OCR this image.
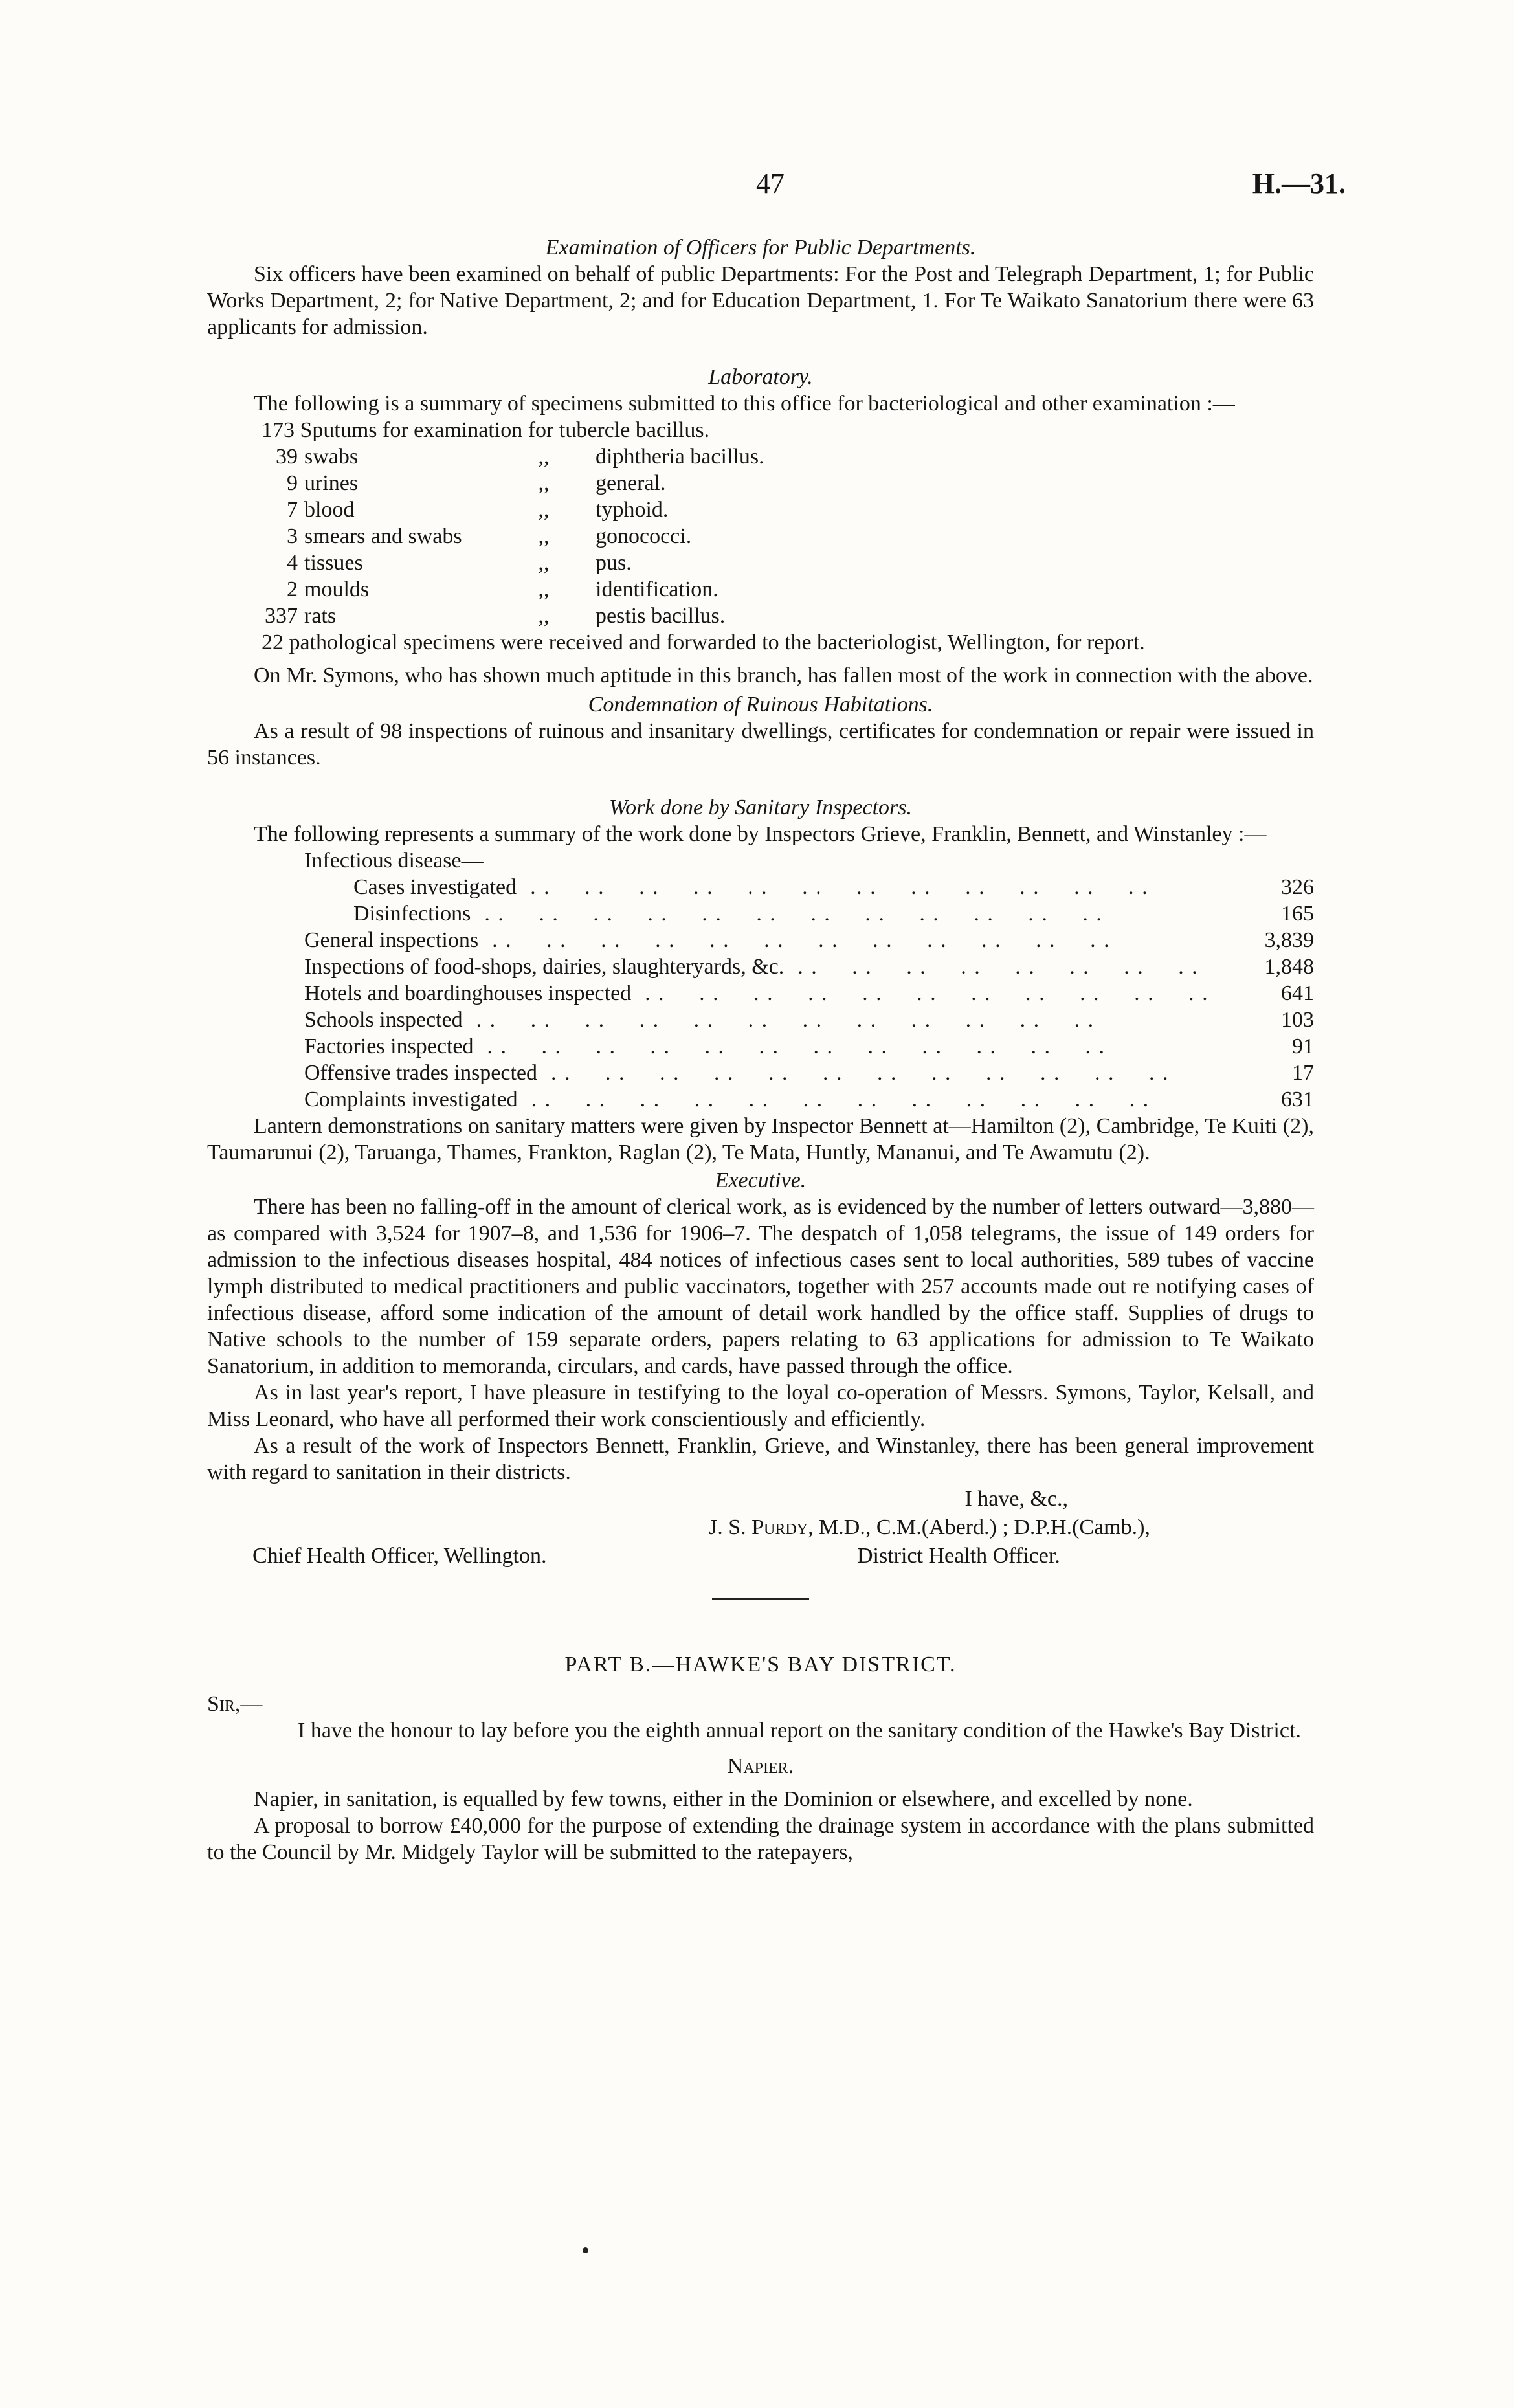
47	H.—31.
Examination of Officers for Public Departments.

Six officers have been examined on behalf of public Departments: For the Post and Telegraph Department, 1; for Public Works Department, 2; for Native Department, 2; and for Education Department, 1. For Te Waikato Sanatorium there were 63 applicants for admission.

Laboratory.

The following is a summary of specimens submitted to this office for bacteriological and other examination :—

173 Sputums for examination for tubercle bacillus.
39 swabs	,,	diphtheria bacillus.
9 urines	,,	general.
7 blood	,,	typhoid.
3 smears and swabs	,,	gonococci.
4 tissues	,,	pus.
2 moulds	,,	identification.
337 rats	,,	pestis bacillus.
22 pathological specimens were received and forwarded to the bacteriologist, Wellington, for report.

On Mr. Symons, who has shown much aptitude in this branch, has fallen most of the work in connection with the above.

Condemnation of Ruinous Habitations.

As a result of 98 inspections of ruinous and insanitary dwellings, certificates for condemnation or repair were issued in 56 instances.

Work done by Sanitary Inspectors.

The following represents a summary of the work done by Inspectors Grieve, Franklin, Bennett, and Winstanley :—

Infectious disease—
Cases investigated . .	326
Disinfections . .	165
General inspections . .	3,839
Inspections of food-shops, dairies, slaughteryards, &c. . .	1,848
Hotels and boardinghouses inspected . .	641
Schools inspected . .	103
Factories inspected . .	91
Offensive trades inspected . .	17
Complaints investigated . .	631

Lantern demonstrations on sanitary matters were given by Inspector Bennett at—Hamilton (2), Cambridge, Te Kuiti (2), Taumarunui (2), Taruanga, Thames, Frankton, Raglan (2), Te Mata, Huntly, Mananui, and Te Awamutu (2).

Executive.

There has been no falling-off in the amount of clerical work, as is evidenced by the number of letters outward—3,880—as compared with 3,524 for 1907–8, and 1,536 for 1906–7. The despatch of 1,058 telegrams, the issue of 149 orders for admission to the infectious diseases hospital, 484 notices of infectious cases sent to local authorities, 589 tubes of vaccine lymph distributed to medical practitioners and public vaccinators, together with 257 accounts made out re notifying cases of infectious disease, afford some indication of the amount of detail work handled by the office staff. Supplies of drugs to Native schools to the number of 159 separate orders, papers relating to 63 applications for admission to Te Waikato Sanatorium, in addition to memoranda, circulars, and cards, have passed through the office.

As in last year's report, I have pleasure in testifying to the loyal co-operation of Messrs. Symons, Taylor, Kelsall, and Miss Leonard, who have all performed their work conscientiously and efficiently.

As a result of the work of Inspectors Bennett, Franklin, Grieve, and Winstanley, there has been general improvement with regard to sanitation in their districts.

I have, &c.,
J. S. Purdy, M.D., C.M.(Aberd.) ; D.P.H.(Camb.),
Chief Health Officer, Wellington.	District Health Officer.
PART B.—HAWKE'S BAY DISTRICT.
Sir,—

I have the honour to lay before you the eighth annual report on the sanitary condition of the Hawke's Bay District.

Napier.

Napier, in sanitation, is equalled by few towns, either in the Dominion or elsewhere, and excelled by none.

A proposal to borrow £40,000 for the purpose of extending the drainage system in accordance with the plans submitted to the Council by Mr. Midgely Taylor will be submitted to the ratepayers,
